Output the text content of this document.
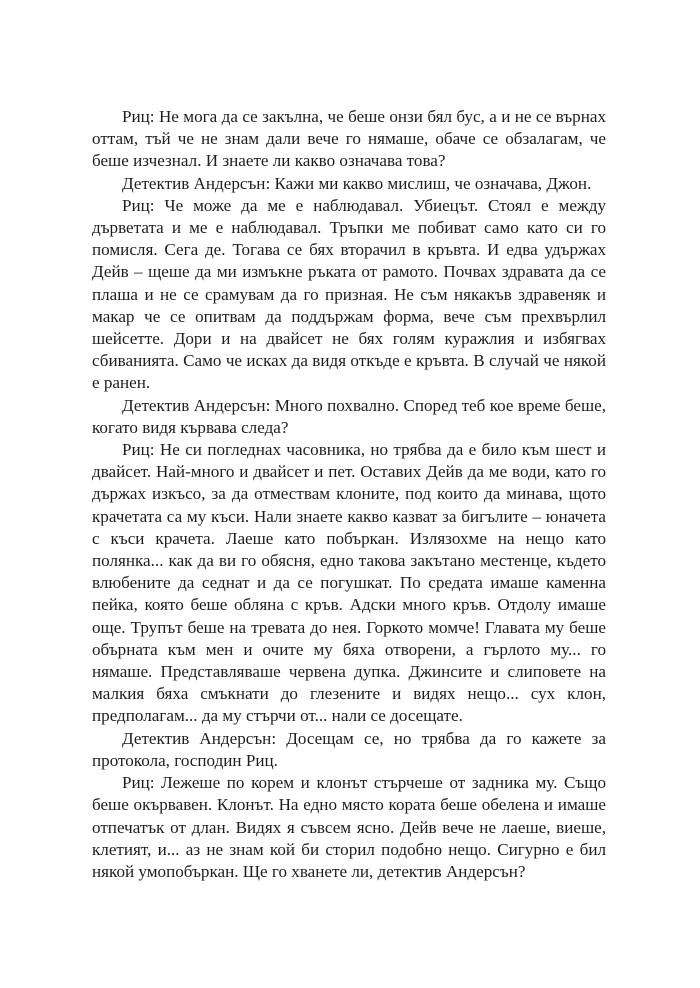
Риц: Не мога да се закълна, че беше онзи бял бус, а и не се върнах оттам, тъй че не знам дали вече го нямаше, обаче се обзалагам, че беше изчезнал. И знаете ли какво означава това?

Детектив Андерсън: Кажи ми какво мислиш, че означава, Джон.

Риц: Че може да ме е наблюдавал. Убиецът. Стоял е между дърветата и ме е наблюдавал. Тръпки ме побиват само като си го помисля. Сега де. Тогава се бях вторачил в кръвта. И едва удържах Дейв – щеше да ми измъкне ръката от рамото. Почвах здравата да се плаша и не се срамувам да го призная. Не съм някакъв здравеняк и макар че се опитвам да поддържам форма, вече съм прехвърлил шейсетте. Дори и на двайсет не бях голям куражлия и избягвах сбиванията. Само че исках да видя откъде е кръвта. В случай че някой е ранен.

Детектив Андерсън: Много похвално. Според теб кое време беше, когато видя кървава следа?

Риц: Не си погледнах часовника, но трябва да е било към шест и двайсет. Най-много и двайсет и пет. Оставих Дейв да ме води, като го държах изкъсо, за да отмествам клоните, под които да минава, щото крачетата са му къси. Нали знаете какво казват за бигълите – юначета с къси крачета. Лаеше като побъркан. Излязохме на нещо като полянка... как да ви го обясня, едно такова закътано местенце, където влюбените да седнат и да се погушкат. По средата имаше каменна пейка, която беше обляна с кръв. Адски много кръв. Отдолу имаше още. Трупът беше на тревата до нея. Горкото момче! Главата му беше обърната към мен и очите му бяха отворени, а гърлото му... го нямаше. Представляваше червена дупка. Джинсите и слиповете на малкия бяха смъкнати до глезените и видях нещо... сух клон, предполагам... да му стърчи от... нали се досещате.

Детектив Андерсън: Досещам се, но трябва да го кажете за протокола, господин Риц.

Риц: Лежеше по корем и клонът стърчеше от задника му. Също беше окървавен. Клонът. На едно място кората беше обелена и имаше отпечатък от длан. Видях я съвсем ясно. Дейв вече не лаеше, виеше, клетият, и... аз не знам кой би сторил подобно нещо. Сигурно е бил някой умопобъркан. Ще го хванете ли, детектив Андерсън?
